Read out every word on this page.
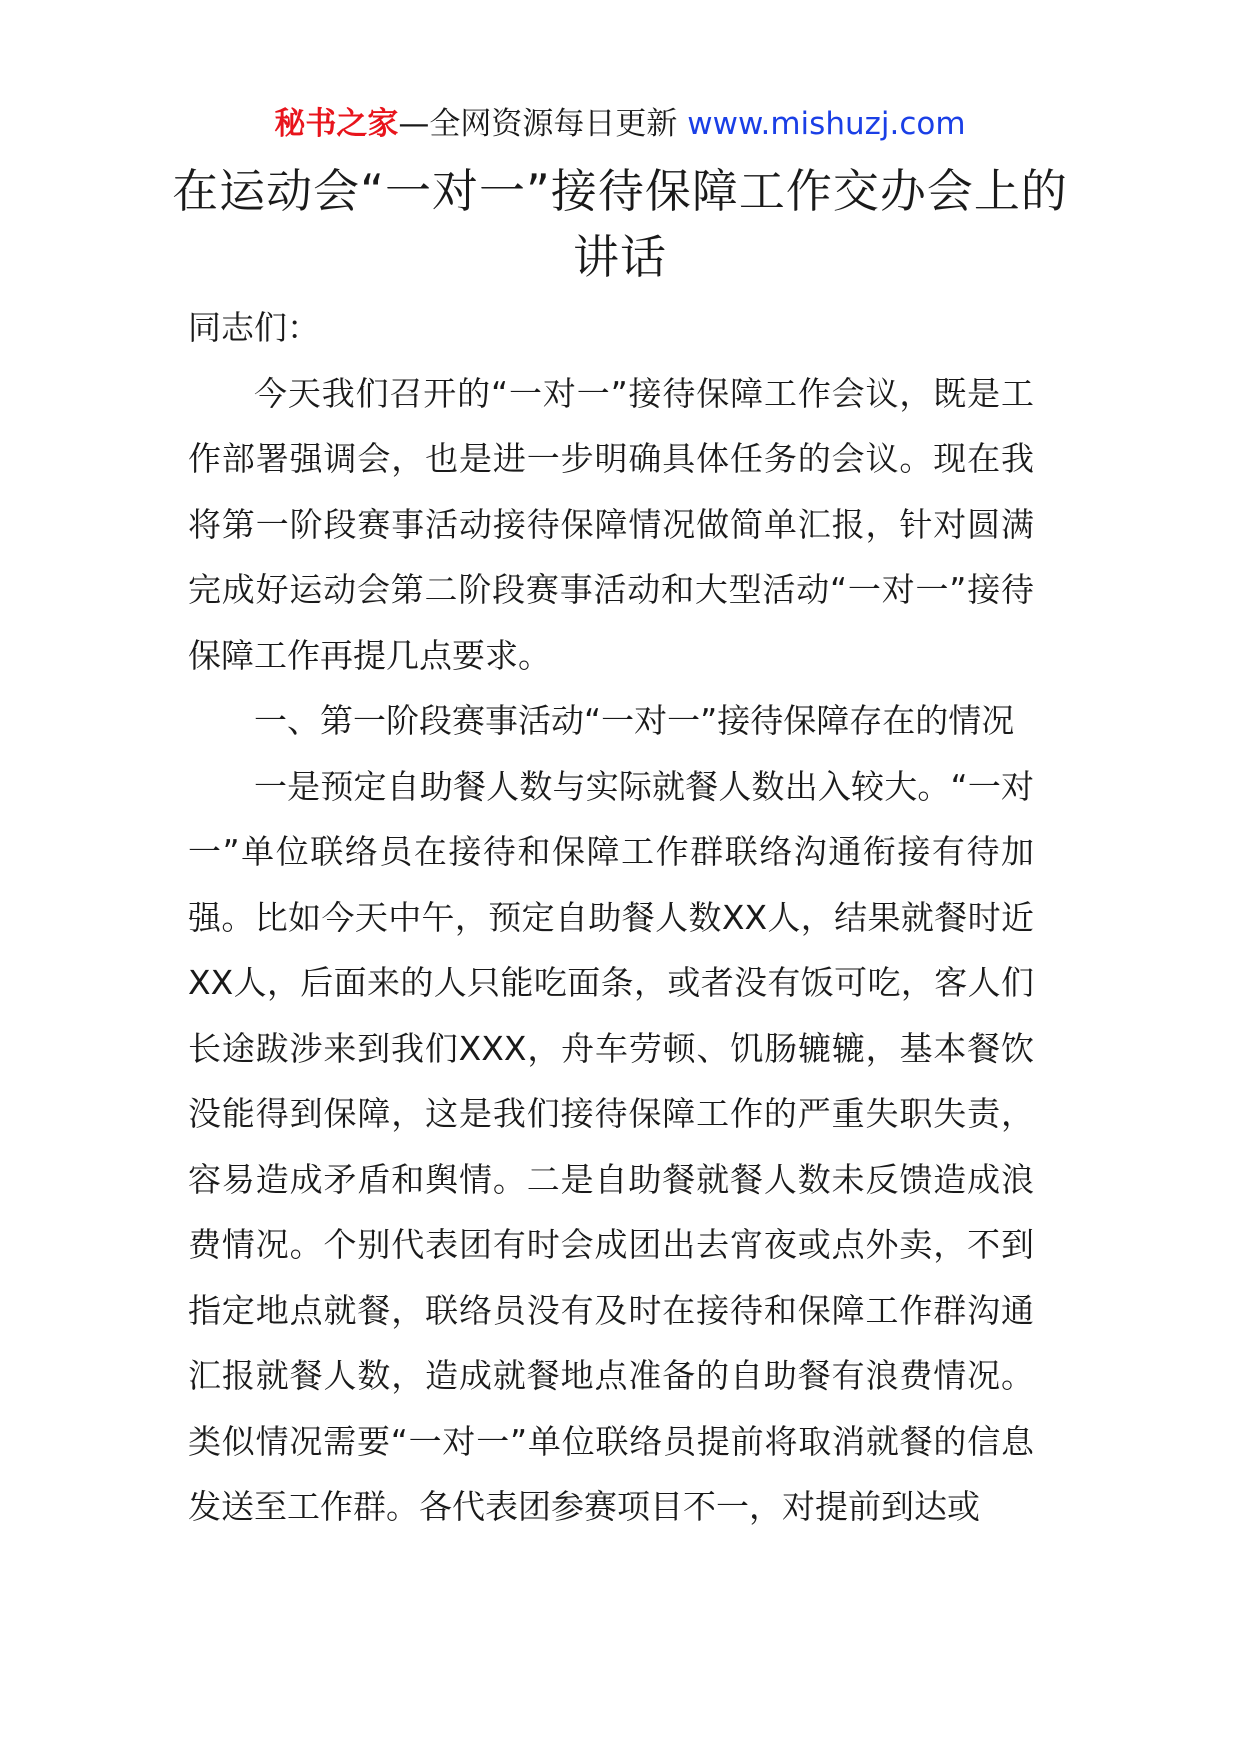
秘书之家—全网资源每日更新 www.mishuzj.com
在运动会“一对一”接待保障工作交办会上的讲话

同志们：

今天我们召开的“一对一”接待保障工作会议，既是工作部署强调会，也是进一步明确具体任务的会议。现在我将第一阶段赛事活动接待保障情况做简单汇报，针对圆满完成好运动会第二阶段赛事活动和大型活动“一对一”接待保障工作再提几点要求。

一、第一阶段赛事活动“一对一”接待保障存在的情况

一是预定自助餐人数与实际就餐人数出入较大。“一对一”单位联络员在接待和保障工作群联络沟通衔接有待加强。比如今天中午，预定自助餐人数XX人，结果就餐时近XX人，后面来的人只能吃面条，或者没有饭可吃，客人们长途跋涉来到我们XXX，舟车劳顿、饥肠辘辘，基本餐饮没能得到保障，这是我们接待保障工作的严重失职失责，容易造成矛盾和舆情。二是自助餐就餐人数未反馈造成浪费情况。个别代表团有时会成团出去宵夜或点外卖，不到指定地点就餐，联络员没有及时在接待和保障工作群沟通汇报就餐人数，造成就餐地点准备的自助餐有浪费情况。类似情况需要“一对一”单位联络员提前将取消就餐的信息发送至工作群。各代表团参赛项目不一，对提前到达或
